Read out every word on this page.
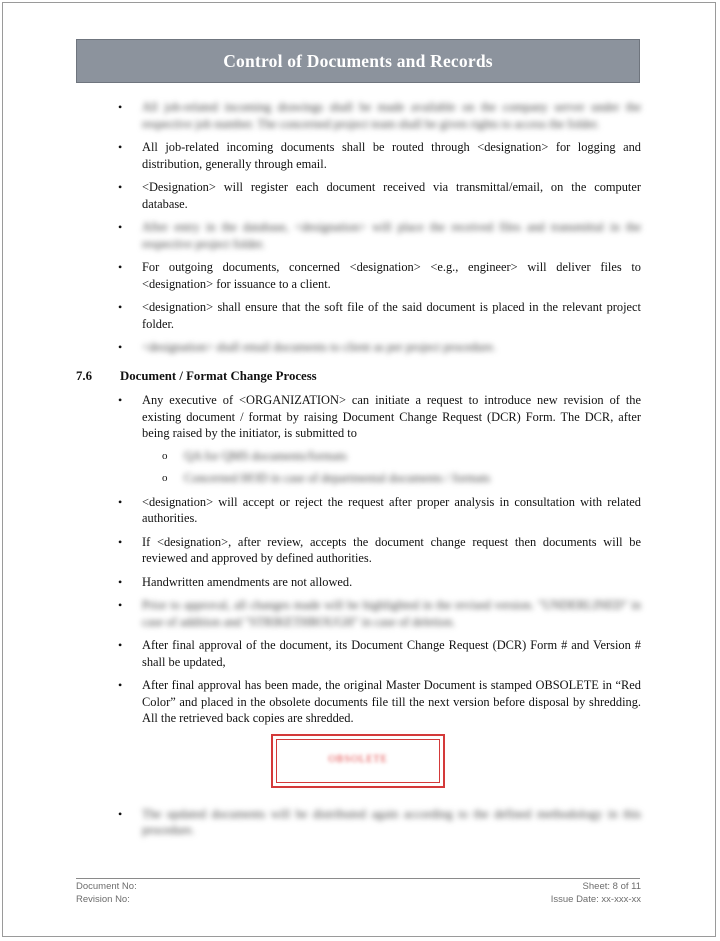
Control of Documents and Records
• All job-related incoming drawings shall be made available on the company server under the respective job number. The concerned project team shall be given rights to access the folder.
• All job-related incoming documents shall be routed through <designation> for logging and distribution, generally through email.
• <Designation> will register each document received via transmittal/email, on the computer database.
• After entry in the database, <designation> will place the received files and transmittal in the respective project folder.
• For outgoing documents, concerned <designation> <e.g., engineer> will deliver files to <designation> for issuance to a client.
• <designation> shall ensure that the soft file of the said document is placed in the relevant project folder.
• <designation> shall email documents to client as per project procedure.
7.6	Document / Format Change Process
• Any executive of <ORGANIZATION> can initiate a request to introduce new revision of the existing document / format by raising Document Change Request (DCR) Form. The DCR, after being raised by the initiator, is submitted to
o QA for QMS documents/formats
o Concerned HOD in case of departmental documents / formats
• <designation> will accept or reject the request after proper analysis in consultation with related authorities.
• If <designation>, after review, accepts the document change request then documents will be reviewed and approved by defined authorities.
• Handwritten amendments are not allowed.
• Prior to approval, all changes made will be highlighted in the revised version. "UNDERLINED" in case of addition and "STRIKETHROUGH" in case of deletion.
• After final approval of the document, its Document Change Request (DCR) Form # and Version # shall be updated,
• After final approval has been made, the original Master Document is stamped OBSOLETE in “Red Color” and placed in the obsolete documents file till the next version before disposal by shredding. All the retrieved back copies are shredded.
OBSOLETE
• The updated documents will be distributed again according to the defined methodology in this procedure.
Document No:	Sheet: 8 of 11
Revision No:	Issue Date: xx-xxx-xx
